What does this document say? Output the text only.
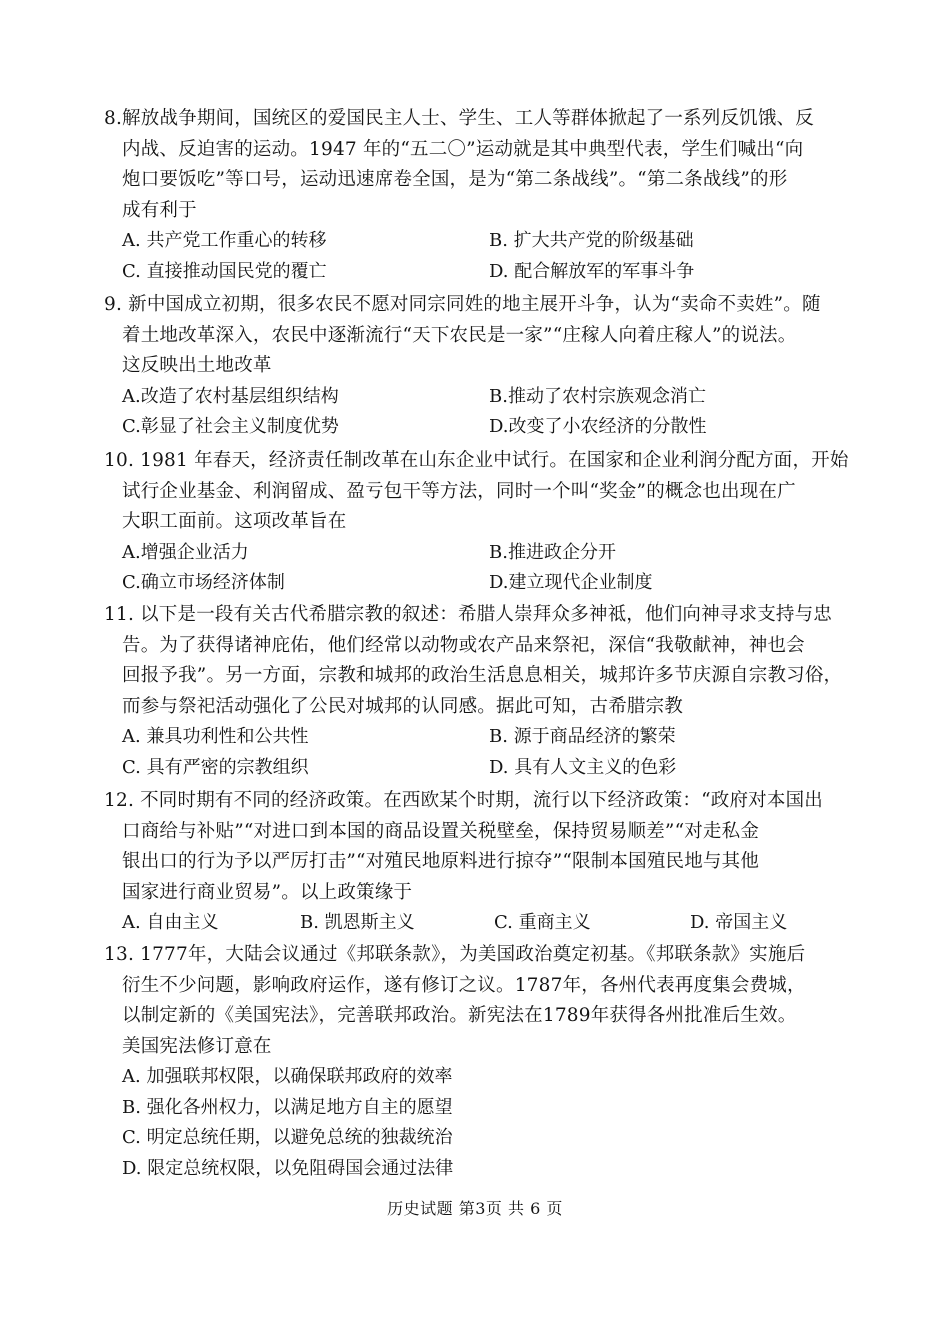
8.解放战争期间，国统区的爱国民主人士、学生、工人等群体掀起了一系列反饥饿、反
内战、反迫害的运动。1947 年的“五二〇”运动就是其中典型代表，学生们喊出“向
炮口要饭吃”等口号，运动迅速席卷全国，是为“第二条战线”。“第二条战线”的形
成有利于
A. 共产党工作重心的转移	B. 扩大共产党的阶级基础
C. 直接推动国民党的覆亡	D. 配合解放军的军事斗争
9. 新中国成立初期，很多农民不愿对同宗同姓的地主展开斗争，认为“卖命不卖姓”。随
着土地改革深入，农民中逐渐流行“天下农民是一家”“庄稼人向着庄稼人”的说法。
这反映出土地改革
A.改造了农村基层组织结构	B.推动了农村宗族观念消亡
C.彰显了社会主义制度优势	D.改变了小农经济的分散性
10. 1981 年春天，经济责任制改革在山东企业中试行。在国家和企业利润分配方面，开始
试行企业基金、利润留成、盈亏包干等方法，同时一个叫“奖金”的概念也出现在广
大职工面前。这项改革旨在
A.增强企业活力	B.推进政企分开
C.确立市场经济体制	D.建立现代企业制度
11. 以下是一段有关古代希腊宗教的叙述：希腊人崇拜众多神祗，他们向神寻求支持与忠
告。为了获得诸神庇佑，他们经常以动物或农产品来祭祀，深信“我敬献神，神也会
回报予我”。另一方面，宗教和城邦的政治生活息息相关，城邦许多节庆源自宗教习俗，
而参与祭祀活动强化了公民对城邦的认同感。据此可知，古希腊宗教
A. 兼具功利性和公共性	B. 源于商品经济的繁荣
C. 具有严密的宗教组织	D. 具有人文主义的色彩
12. 不同时期有不同的经济政策。在西欧某个时期，流行以下经济政策：“政府对本国出
口商给与补贴”“对进口到本国的商品设置关税壁垒，保持贸易顺差”“对走私金
银出口的行为予以严厉打击”“对殖民地原料进行掠夺”“限制本国殖民地与其他
国家进行商业贸易”。以上政策缘于
A. 自由主义	B. 凯恩斯主义	C. 重商主义	D. 帝国主义
13. 1777年，大陆会议通过《邦联条款》，为美国政治奠定初基。《邦联条款》实施后
衍生不少问题，影响政府运作，遂有修订之议。1787年，各州代表再度集会费城，
以制定新的《美国宪法》，完善联邦政治。新宪法在1789年获得各州批准后生效。
美国宪法修订意在
A. 加强联邦权限，以确保联邦政府的效率
B. 强化各州权力，以满足地方自主的愿望
C. 明定总统任期，以避免总统的独裁统治
D. 限定总统权限，以免阻碍国会通过法律
历史试题 第3页 共 6 页
